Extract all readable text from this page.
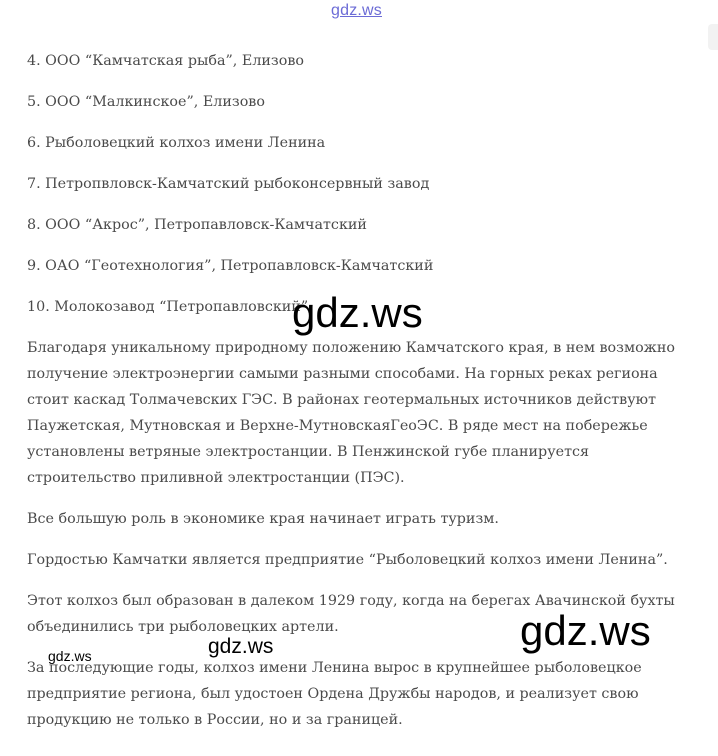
gdz.ws

4. ООО “Камчатская рыба”, Елизово

5. ООО “Малкинское”, Елизово

6. Рыболовецкий колхоз имени Ленина

7. Петропвловск-Камчатский рыбоконсервный завод

8. ООО “Акрос”, Петропавловск-Камчатский

9. ОАО “Геотехнология”, Петропавловск-Камчатский

10. Молокозавод “Петропавловский”

Благодаря уникальному природному положению Камчатского края, в нем возможно получение электроэнергии самыми разными способами. На горных реках региона стоит каскад Толмачевских ГЭС. В районах геотермальных источников действуют Паужетская, Мутновская и Верхне-МутновскаяГеоЭС. В ряде мест на побережье установлены ветряные электростанции. В Пенжинской губе планируется строительство приливной электростанции (ПЭС).

Все большую роль в экономике края начинает играть туризм.

Гордостью Камчатки является предприятие “Рыболовецкий колхоз имени Ленина”.

Этот колхоз был образован в далеком 1929 году, когда на берегах Авачинской бухты объединились три рыболовецких артели.

За последующие годы, колхоз имени Ленина вырос в крупнейшее рыболовецкое предприятие региона, был удостоен Ордена Дружбы народов, и реализует свою продукцию не только в России, но и за границей.

gdz.ws
gdz.ws
gdz.ws
gdz.ws
